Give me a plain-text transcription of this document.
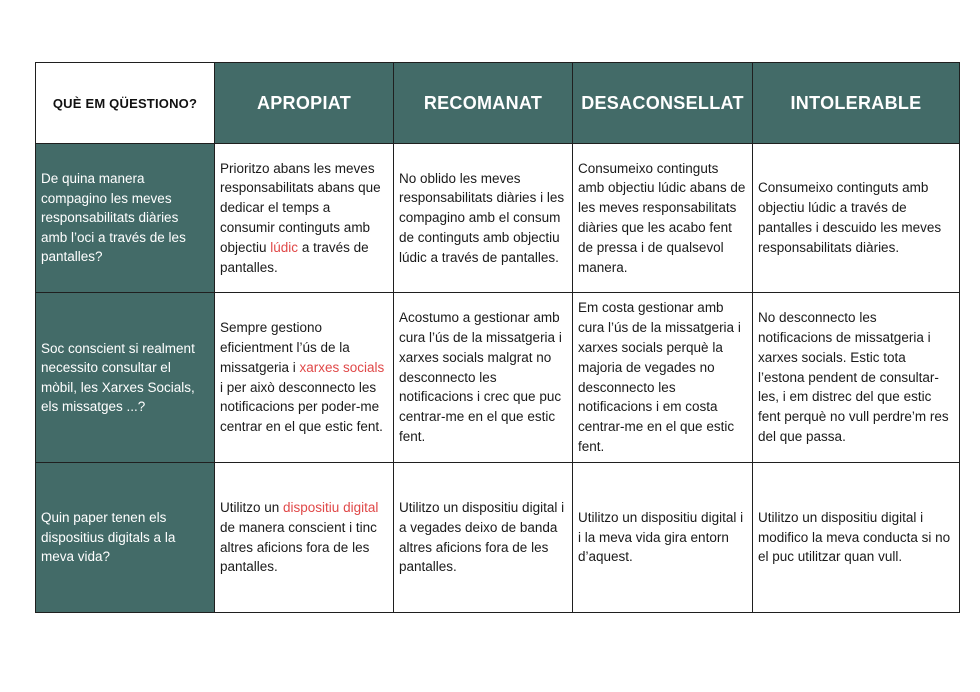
QUÈ EM QÜESTIONO?	APROPIAT	RECOMANAT	DESACONSELLAT	INTOLERABLE
De quina manera compagino les meves responsabilitats diàries amb l’oci a través de les pantalles?	Prioritzo abans les meves responsabilitats abans que dedicar el temps a consumir continguts amb objectiu lúdic a través de pantalles.	No oblido les meves responsabilitats diàries i les compagino amb el consum de continguts amb objectiu lúdic a través de pantalles.	Consumeixo continguts amb objectiu lúdic abans de les meves responsabilitats diàries que les acabo fent de pressa i de qualsevol manera.	Consumeixo continguts amb objectiu lúdic a través de pantalles i descuido les meves responsabilitats diàries.
Soc conscient si realment necessito consultar el mòbil, les Xarxes Socials, els missatges ...?	Sempre gestiono eficientment l’ús de la missatgeria i xarxes socials i per això desconnecto les notificacions per poder-me centrar en el que estic fent.	Acostumo a gestionar amb cura l’ús de la missatgeria i xarxes socials malgrat no desconnecto les notificacions i crec que puc centrar-me en el que estic fent.	Em costa gestionar amb cura l’ús de la missatgeria i xarxes socials perquè la majoria de vegades no desconnecto les notificacions i em costa centrar-me en el que estic fent.	No desconnecto les notificacions de missatgeria i xarxes socials. Estic tota l’estona pendent de consultar-les, i em distrec del que estic fent perquè no vull perdre’m res del que passa.
Quin paper tenen els dispositius digitals a la meva vida?	Utilitzo un dispositiu digital de manera conscient i tinc altres aficions fora de les pantalles.	Utilitzo un dispositiu digital i a vegades deixo de banda altres aficions fora de les pantalles.	Utilitzo un dispositiu digital i i la meva vida gira entorn d’aquest.	Utilitzo un dispositiu digital i modifico la meva conducta si no el puc utilitzar quan vull.
